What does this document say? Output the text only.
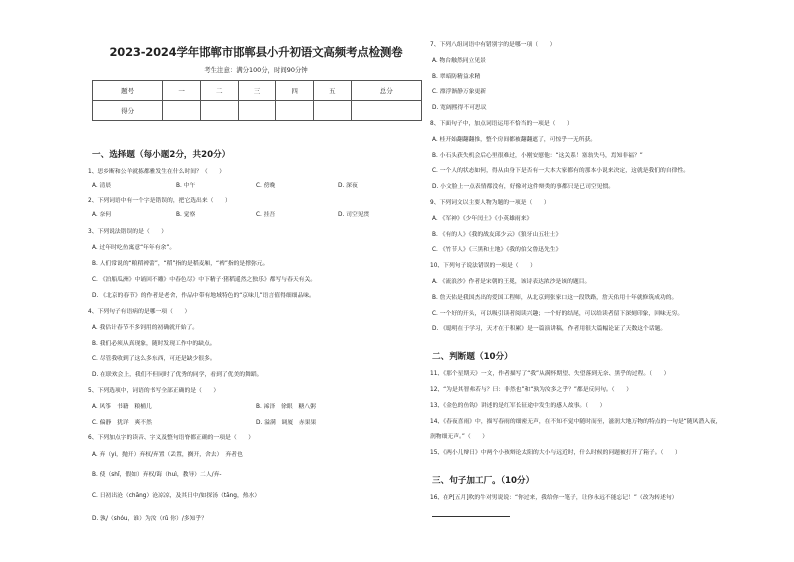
2023-2024学年邯郸市邯郸县小升初语文高频考点检测卷
考生注意：满分100分，时间90分钟
题号	一	二	三	四	五	总分
得分						
一、选择题（每小题2分，共20分）
1、思乡断和公羊就拣都雅发生在什么时间？（　　）
A. 清晨	B. 中午	C. 傍晚	D. 深夜
2、下列词语中有一个字是错误的，把它选出来（　　）
A. 奈何	B. 觉察	C. 挂吾	D. 司空见贯
3、下列说法错误的是（　　）
A. 过年时吃鱼寓意“年年有余”。
B. 人们常说的“粮稻裨蕾”，“稻”指的是稻麦厢，“裨”指的是撑弥元。
C. 《泊船瓜洲》中诵回不雕》中春色尽》中下精子·猪稻遥然之独乐》都写与春天有关。
D. 《北京的春节》的作者是老舍，作品中带有地域特色的“京味儿”语言值得细细品味。
4、下列句子有语病的是哪一项（　　）
A. 我估计春节不多饲用的初确就开始了。
B. 我们必须从真现象，随时发现工作中的缺点。
C. 尽管我收到了这么多东西，可还是缺少很多。
D. 在联欢会上，我们不但同时了优秀的同学，看到了优美的舞蹈。
5、下列选项中，词语的书写全部正确的是（　　）
A. 风筝　书籍　粮桶儿	B. 浠泽　徐眼　糖八粥
C. 偏静　犹详　爽不然	D. 溢满　调厦　赤果果
6、下列加点字的读音、字义及整句语脊都正确的一项是（　　）
A. 弃（yi，抛开）弃权/弃置（丢置，搁开，舍去）　弃者也
B. 使（shǐ，假如）弃权/诲（huì，教导）二人/弃-
C. 日初出沧（chāng）沧凉凉，及其日中/如探汤（tāng，热水）
D. 孰/（shóu，谁）为汝（rǔ 你）/多知乎？
7、下列八组词语中有错别字的是哪一项（　　）
A. 物台触然同立见景
B. 翠暗防精益求精
C. 漂浮渐静万象更新
D. 宽阔熙得不可思议
8、下面句子中，加点词语运用不恰当的一项是（　　）
A. 桂开始翻翻翻推，整个房间都被翻翻遮了，可惊乎一无所获。
B. 小石头获失机会后心里很难过，小刚安慰他：“这关系！塞翁失马，焉知非福？”
C. 一个人的状态如何，得从由身下是否有一大本大家都有的那本小说来决定，这就是我们的自律性。
D. 小文脸上一点表情都没有，好像对这件辩类的事都只是已司空见惯。
9、下列词文以主要人物为题的一项是（　　）
A. 《军神》《少年闰土》《小英雄雨来》
B. 《有的人》《我的战友邱少云》《狼牙山五壮士》
C. 《竹节人》《三黑和土地》《我的伯父鲁迅先生》
10、下列句子说法错误的一项是（　　）
A. 《流浪沙》作者是宋朝的王冕，该诗表达浓沙是该的题目。
B. 詹天佑是我国杰出的爱国工程师，从北京到张家口这一段铁路，詹天佑用十年就修筑成功的。
C. 一个好的开头，可以吸引读者阅读兴趣；一个好的结尾，可以给读者留下深刻印象，回味无穷。
D. 《聪明在于学习，天才在于积累》是一篇演讲稿，作者用很大篇幅论证了天数这个话题。
二、判断题（10分）
11、《那个星期天》一文，作者描写了“我”从满怀期望、失望落到无奈、黑乎的过程。（　　）
12、“为是其智弗若与？曰：非然也”和“孰为汝多之乎？”都是反问句。（　　）
13、《金色的鱼钩》讲述的是红军长征途中发生的感人故事。（　　）
14、《春夜喜雨》中，描写春雨的细密无声，在不知不觉中随时而至，滋润大地万物的特点的一句是“随风潜入夜，
润物细无声。”（　　）
15、《两小儿辩日》中两个小孩辩论太阳的大小与远近时，什么时候的问题被打开了箱子。（　　）
三、句子加工厂。（10分）
16、在P[五月]吹的牛对男说说：“你过来，我给你一笔子，让你永远不能忘记！”（改为转述句）
